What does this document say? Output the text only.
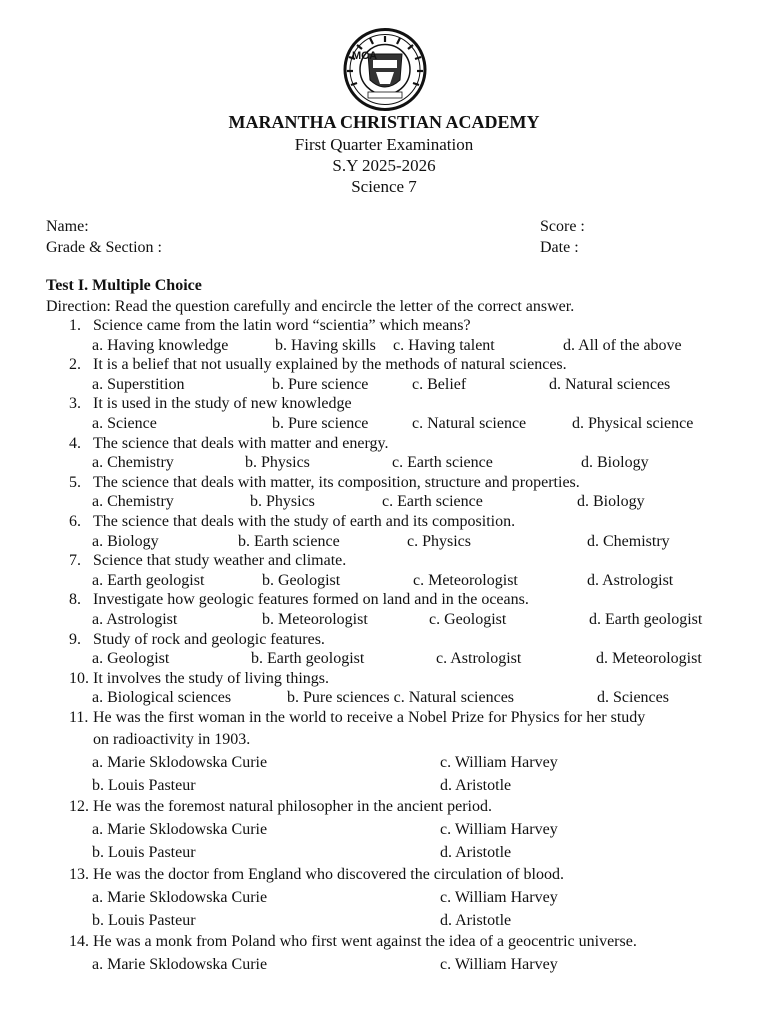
MCA
MARANTHA CHRISTIAN ACADEMY
First Quarter Examination
S.Y 2025-2026
Science 7
Name:	Score :
Grade & Section :	Date :
Test I. Multiple Choice
Direction: Read the question carefully and encircle the letter of the correct answer.
1. Science came from the latin word “scientia” which means?
a. Having knowledge	b. Having skills c. Having talent	d. All of the above
2. It is a belief that not usually explained by the methods of natural sciences.
a. Superstition	b. Pure science	c. Belief	d. Natural sciences
3. It is used in the study of new knowledge
a. Science	b. Pure science	c. Natural science	d. Physical science
4. The science that deals with matter and energy.
a. Chemistry	b. Physics	c. Earth science	d. Biology
5. The science that deals with matter, its composition, structure and properties.
a. Chemistry	b. Physics	c. Earth science	d. Biology
6. The science that deals with the study of earth and its composition.
a. Biology	b. Earth science	c. Physics	d. Chemistry
7. Science that study weather and climate.
a. Earth geologist	b. Geologist	c. Meteorologist	d. Astrologist
8. Investigate how geologic features formed on land and in the oceans.
a. Astrologist	b. Meteorologist	c. Geologist	d. Earth geologist
9. Study of rock and geologic features.
a. Geologist	b. Earth geologist	c. Astrologist	d. Meteorologist
10. It involves the study of living things.
a. Biological sciences	b. Pure sciences c. Natural sciences	d. Sciences
11. He was the first woman in the world to receive a Nobel Prize for Physics for her study
on radioactivity in 1903.
a. Marie Sklodowska Curie	c. William Harvey
b. Louis Pasteur	d. Aristotle
12. He was the foremost natural philosopher in the ancient period.
a. Marie Sklodowska Curie	c. William Harvey
b. Louis Pasteur	d. Aristotle
13. He was the doctor from England who discovered the circulation of blood.
a. Marie Sklodowska Curie	c. William Harvey
b. Louis Pasteur	d. Aristotle
14. He was a monk from Poland who first went against the idea of a geocentric universe.
a. Marie Sklodowska Curie	c. William Harvey
